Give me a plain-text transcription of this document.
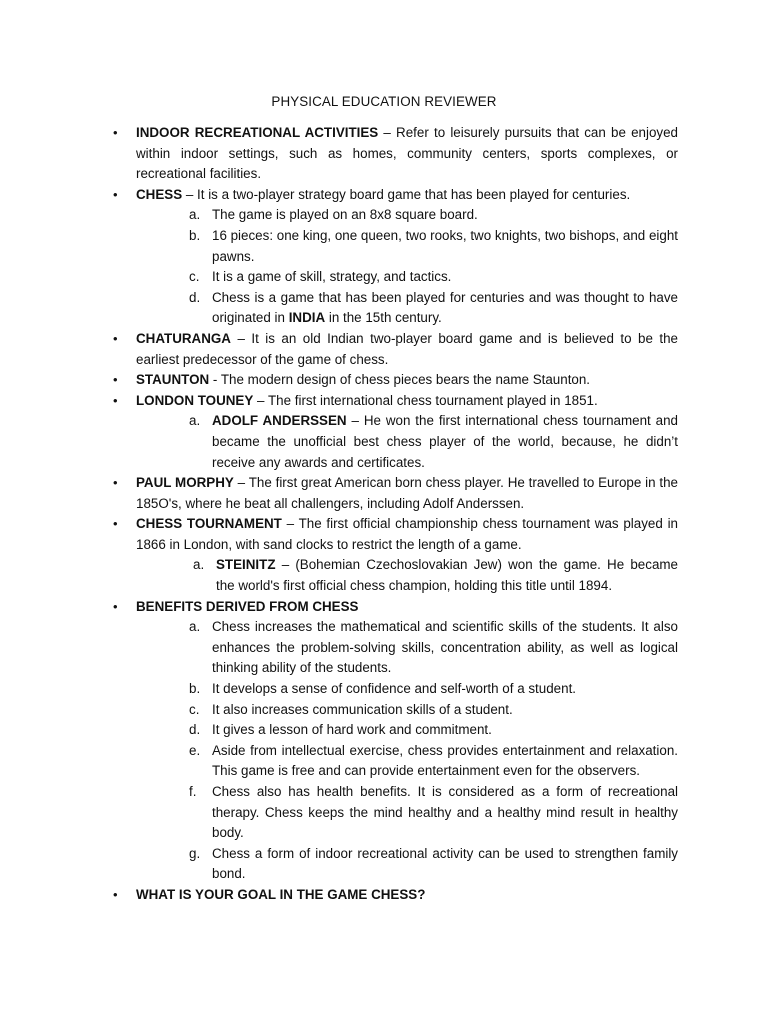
PHYSICAL EDUCATION REVIEWER
• INDOOR RECREATIONAL ACTIVITIES – Refer to leisurely pursuits that can be enjoyed within indoor settings, such as homes, community centers, sports complexes, or recreational facilities.
• CHESS – It is a two-player strategy board game that has been played for centuries.
a. The game is played on an 8x8 square board.
b. 16 pieces: one king, one queen, two rooks, two knights, two bishops, and eight pawns.
c. It is a game of skill, strategy, and tactics.
d. Chess is a game that has been played for centuries and was thought to have originated in INDIA in the 15th century.
• CHATURANGA – It is an old Indian two-player board game and is believed to be the earliest predecessor of the game of chess.
• STAUNTON - The modern design of chess pieces bears the name Staunton.
• LONDON TOUNEY – The first international chess tournament played in 1851.
a. ADOLF ANDERSSEN – He won the first international chess tournament and became the unofficial best chess player of the world, because, he didn’t receive any awards and certificates.
• PAUL MORPHY – The first great American born chess player. He travelled to Europe in the 185O's, where he beat all challengers, including Adolf Anderssen.
• CHESS TOURNAMENT – The first official championship chess tournament was played in 1866 in London, with sand clocks to restrict the length of a game.
a. STEINITZ – (Bohemian Czechoslovakian Jew) won the game. He became the world's first official chess champion, holding this title until 1894.
• BENEFITS DERIVED FROM CHESS
a. Chess increases the mathematical and scientific skills of the students. It also enhances the problem-solving skills, concentration ability, as well as logical thinking ability of the students.
b. It develops a sense of confidence and self-worth of a student.
c. It also increases communication skills of a student.
d. It gives a lesson of hard work and commitment.
e. Aside from intellectual exercise, chess provides entertainment and relaxation. This game is free and can provide entertainment even for the observers.
f. Chess also has health benefits. It is considered as a form of recreational therapy. Chess keeps the mind healthy and a healthy mind result in healthy body.
g. Chess a form of indoor recreational activity can be used to strengthen family bond.
• WHAT IS YOUR GOAL IN THE GAME CHESS?
